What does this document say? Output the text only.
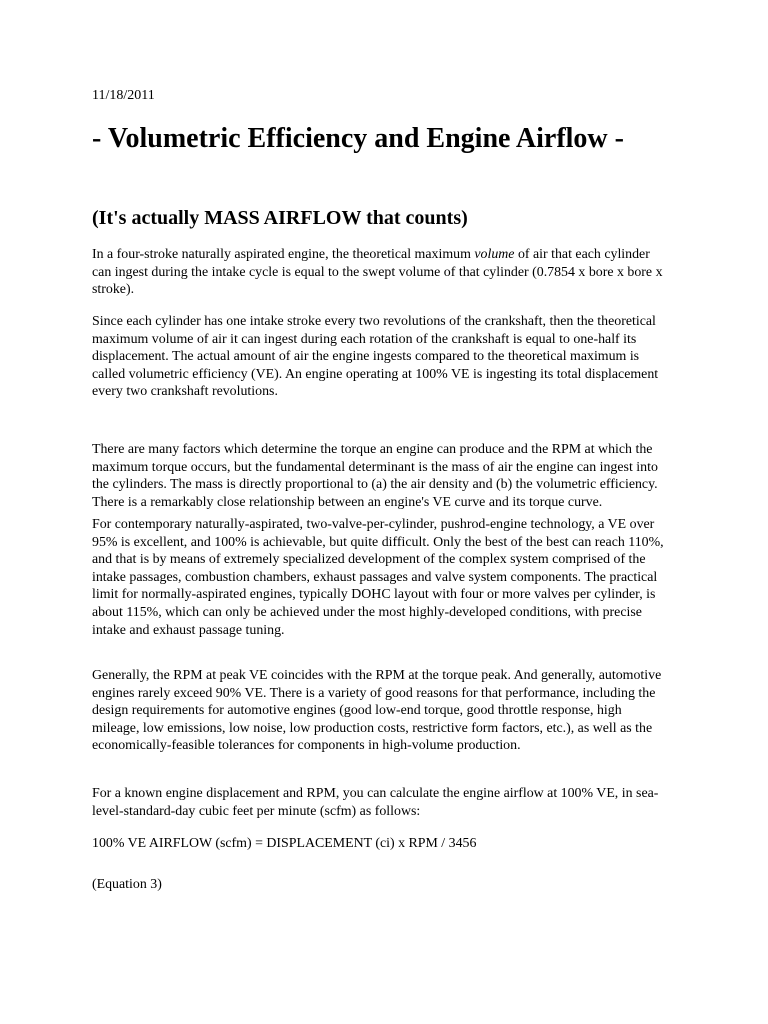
11/18/2011

- Volumetric Efficiency and Engine Airflow -
(It's actually MASS AIRFLOW that counts)

In a four-stroke naturally aspirated engine, the theoretical maximum volume of air that each cylinder can ingest during the intake cycle is equal to the swept volume of that cylinder (0.7854 x bore x bore x stroke).

Since each cylinder has one intake stroke every two revolutions of the crankshaft, then the theoretical maximum volume of air it can ingest during each rotation of the crankshaft is equal to one-half its displacement. The actual amount of air the engine ingests compared to the theoretical maximum is called volumetric efficiency (VE). An engine operating at 100% VE is ingesting its total displacement every two crankshaft revolutions.

There are many factors which determine the torque an engine can produce and the RPM at which the maximum torque occurs, but the fundamental determinant is the mass of air the engine can ingest into the cylinders. The mass is directly proportional to (a) the air density and (b) the volumetric efficiency. There is a remarkably close relationship between an engine's VE curve and its torque curve.

For contemporary naturally-aspirated, two-valve-per-cylinder, pushrod-engine technology, a VE over 95% is excellent, and 100% is achievable, but quite difficult. Only the best of the best can reach 110%, and that is by means of extremely specialized development of the complex system comprised of the intake passages, combustion chambers, exhaust passages and valve system components. The practical limit for normally-aspirated engines, typically DOHC layout with four or more valves per cylinder, is about 115%, which can only be achieved under the most highly-developed conditions, with precise intake and exhaust passage tuning.

Generally, the RPM at peak VE coincides with the RPM at the torque peak. And generally, automotive engines rarely exceed 90% VE. There is a variety of good reasons for that performance, including the design requirements for automotive engines (good low-end torque, good throttle response, high mileage, low emissions, low noise, low production costs, restrictive form factors, etc.), as well as the economically-feasible tolerances for components in high-volume production.

For a known engine displacement and RPM, you can calculate the engine airflow at 100% VE, in sea-level-standard-day cubic feet per minute (scfm) as follows:

100% VE AIRFLOW (scfm) = DISPLACEMENT (ci) x RPM / 3456

(Equation 3)
